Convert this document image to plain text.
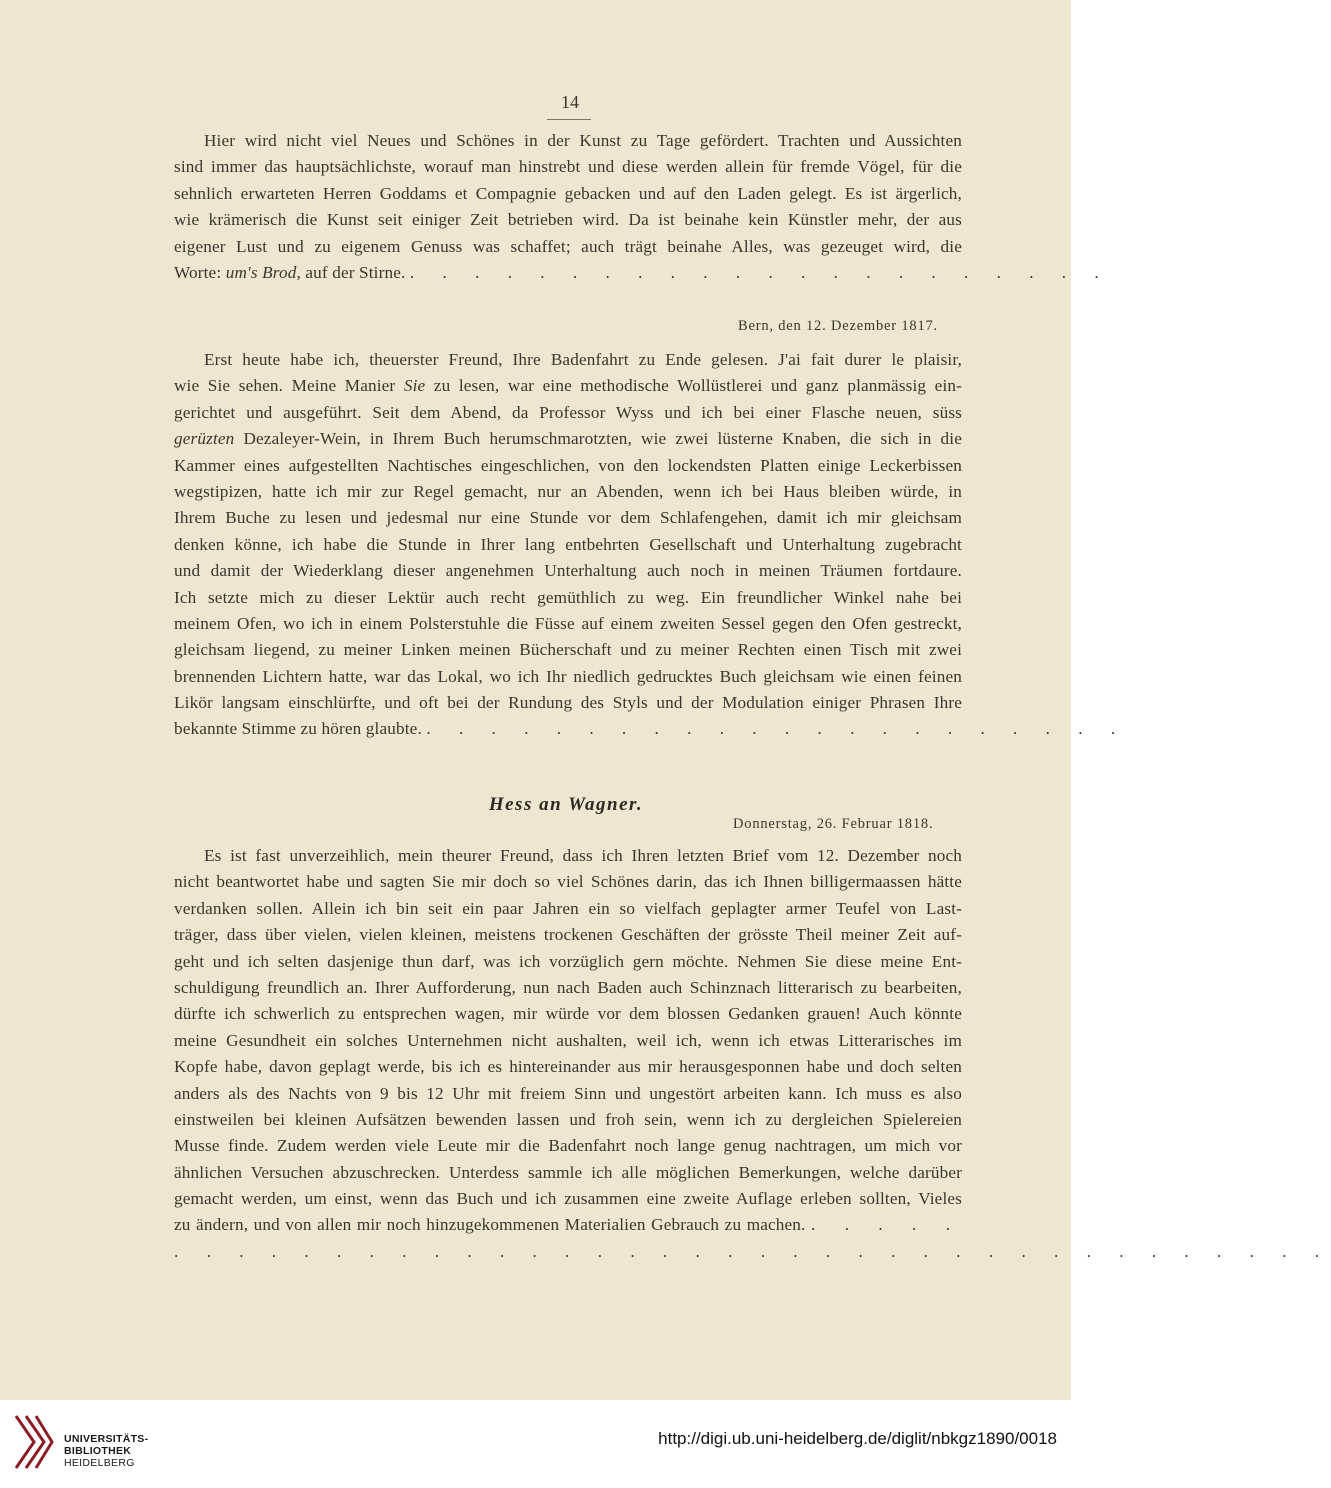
14
Hier wird nicht viel Neues und Schönes in der Kunst zu Tage gefördert. Trachten und Aussichten
sind immer das hauptsächlichste, worauf man hinstrebt und diese werden allein für fremde Vögel, für die
sehnlich erwarteten Herren Goddams et Compagnie gebacken und auf den Laden gelegt. Es ist ärgerlich,
wie krämerisch die Kunst seit einiger Zeit betrieben wird. Da ist beinahe kein Künstler mehr, der aus
eigener Lust und zu eigenem Genuss was schaffet; auch trägt beinahe Alles, was gezeuget wird, die
Worte: um's Brod, auf der Stirne. . . . . . . . . . . . . . . . . . . . . . .
Bern, den 12. Dezember 1817.
Erst heute habe ich, theuerster Freund, Ihre Badenfahrt zu Ende gelesen. J'ai fait durer le plaisir,
wie Sie sehen. Meine Manier Sie zu lesen, war eine methodische Wollüstlerei und ganz planmässig ein-
gerichtet und ausgeführt. Seit dem Abend, da Professor Wyss und ich bei einer Flasche neuen, süss
gerüzten Dezaleyer-Wein, in Ihrem Buch herumschmarotzten, wie zwei lüsterne Knaben, die sich in die
Kammer eines aufgestellten Nachtisches eingeschlichen, von den lockendsten Platten einige Leckerbissen
wegstipizen, hatte ich mir zur Regel gemacht, nur an Abenden, wenn ich bei Haus bleiben würde, in
Ihrem Buche zu lesen und jedesmal nur eine Stunde vor dem Schlafengehen, damit ich mir gleichsam
denken könne, ich habe die Stunde in Ihrer lang entbehrten Gesellschaft und Unterhaltung zugebracht
und damit der Wiederklang dieser angenehmen Unterhaltung auch noch in meinen Träumen fortdaure.
Ich setzte mich zu dieser Lektür auch recht gemüthlich zu weg. Ein freundlicher Winkel nahe bei
meinem Ofen, wo ich in einem Polsterstuhle die Füsse auf einem zweiten Sessel gegen den Ofen gestreckt,
gleichsam liegend, zu meiner Linken meinen Bücherschaft und zu meiner Rechten einen Tisch mit zwei
brennenden Lichtern hatte, war das Lokal, wo ich Ihr niedlich gedrucktes Buch gleichsam wie einen feinen
Likör langsam einschlürfte, und oft bei der Rundung des Styls und der Modulation einiger Phrasen Ihre
bekannte Stimme zu hören glaubte. . . . . . . . . . . . . . . . . . . . . . .
Hess an Wagner.
Donnerstag, 26. Februar 1818.
Es ist fast unverzeihlich, mein theurer Freund, dass ich Ihren letzten Brief vom 12. Dezember noch
nicht beantwortet habe und sagten Sie mir doch so viel Schönes darin, das ich Ihnen billigermaassen hätte
verdanken sollen. Allein ich bin seit ein paar Jahren ein so vielfach geplagter armer Teufel von Last-
träger, dass über vielen, vielen kleinen, meistens trockenen Geschäften der grösste Theil meiner Zeit auf-
geht und ich selten dasjenige thun darf, was ich vorzüglich gern möchte. Nehmen Sie diese meine Ent-
schuldigung freundlich an. Ihrer Aufforderung, nun nach Baden auch Schinznach litterarisch zu bearbeiten,
dürfte ich schwerlich zu entsprechen wagen, mir würde vor dem blossen Gedanken grauen! Auch könnte
meine Gesundheit ein solches Unternehmen nicht aushalten, weil ich, wenn ich etwas Litterarisches im
Kopfe habe, davon geplagt werde, bis ich es hintereinander aus mir herausgesponnen habe und doch selten
anders als des Nachts von 9 bis 12 Uhr mit freiem Sinn und ungestört arbeiten kann. Ich muss es also
einstweilen bei kleinen Aufsätzen bewenden lassen und froh sein, wenn ich zu dergleichen Spielereien
Musse finde. Zudem werden viele Leute mir die Badenfahrt noch lange genug nachtragen, um mich vor
ähnlichen Versuchen abzuschrecken. Unterdess sammle ich alle möglichen Bemerkungen, welche darüber
gemacht werden, um einst, wenn das Buch und ich zusammen eine zweite Auflage erleben sollten, Vieles
zu ändern, und von allen mir noch hinzugekommenen Materialien Gebrauch zu machen. . . . . .
. . . . . . . . . . . . . . . . . . . . . . . . . . . . . . . . . . . .
UNIVERSITÄTS-
BIBLIOTHEK
HEIDELBERG
http://digi.ub.uni-heidelberg.de/diglit/nbkgz1890/0018
